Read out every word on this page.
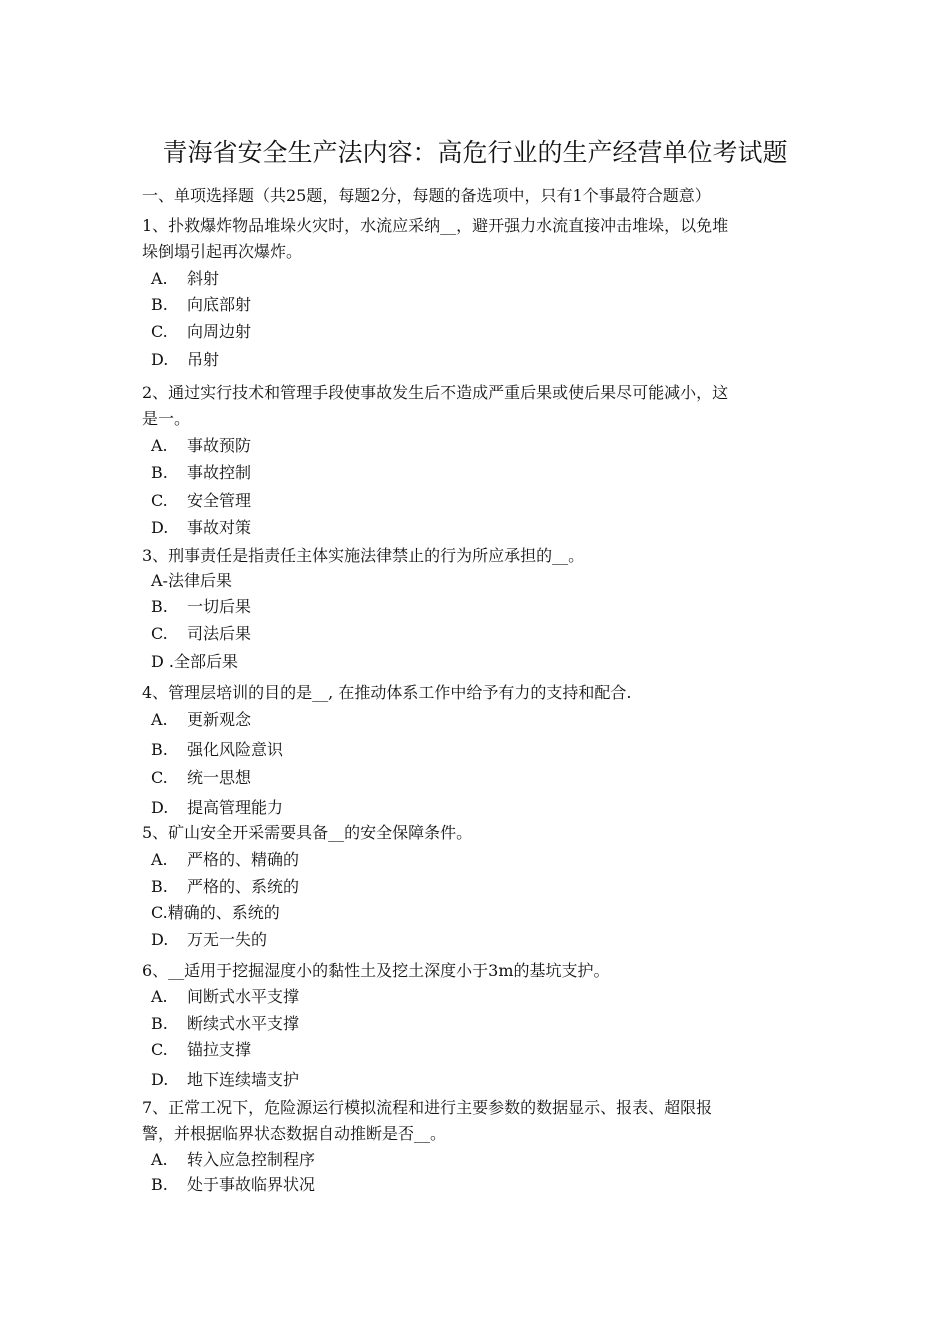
青海省安全生产法内容：高危行业的生产经营单位考试题
一、单项选择题（共25题，每题2分，每题的备选项中，只有1个事最符合题意）
1、扑救爆炸物品堆垛火灾时，水流应采纳__，避开强力水流直接冲击堆垛，以免堆
垛倒塌引起再次爆炸。
A. 斜射
B. 向底部射
C. 向周边射
D. 吊射
2、通过实行技术和管理手段使事故发生后不造成严重后果或使后果尽可能减小，这
是一。
A. 事故预防
B. 事故控制
C. 安全管理
D. 事故对策
3、刑事责任是指责任主体实施法律禁止的行为所应承担的__。
A-法律后果
B. 一切后果
C. 司法后果
D .全部后果
4、管理层培训的目的是__, 在推动体系工作中给予有力的支持和配合.
A. 更新观念
B. 强化风险意识
C. 统一思想
D. 提高管理能力
5、矿山安全开采需要具备__的安全保障条件。
A. 严格的、精确的
B. 严格的、系统的
C.精确的、系统的
D. 万无一失的
6、__适用于挖掘湿度小的黏性土及挖土深度小于3m的基坑支护。
A. 间断式水平支撑
B. 断续式水平支撑
C. 锚拉支撑
D. 地下连续墙支护
7、正常工况下，危险源运行模拟流程和进行主要参数的数据显示、报表、超限报
警，并根据临界状态数据自动推断是否__。
A. 转入应急控制程序
B. 处于事故临界状况
